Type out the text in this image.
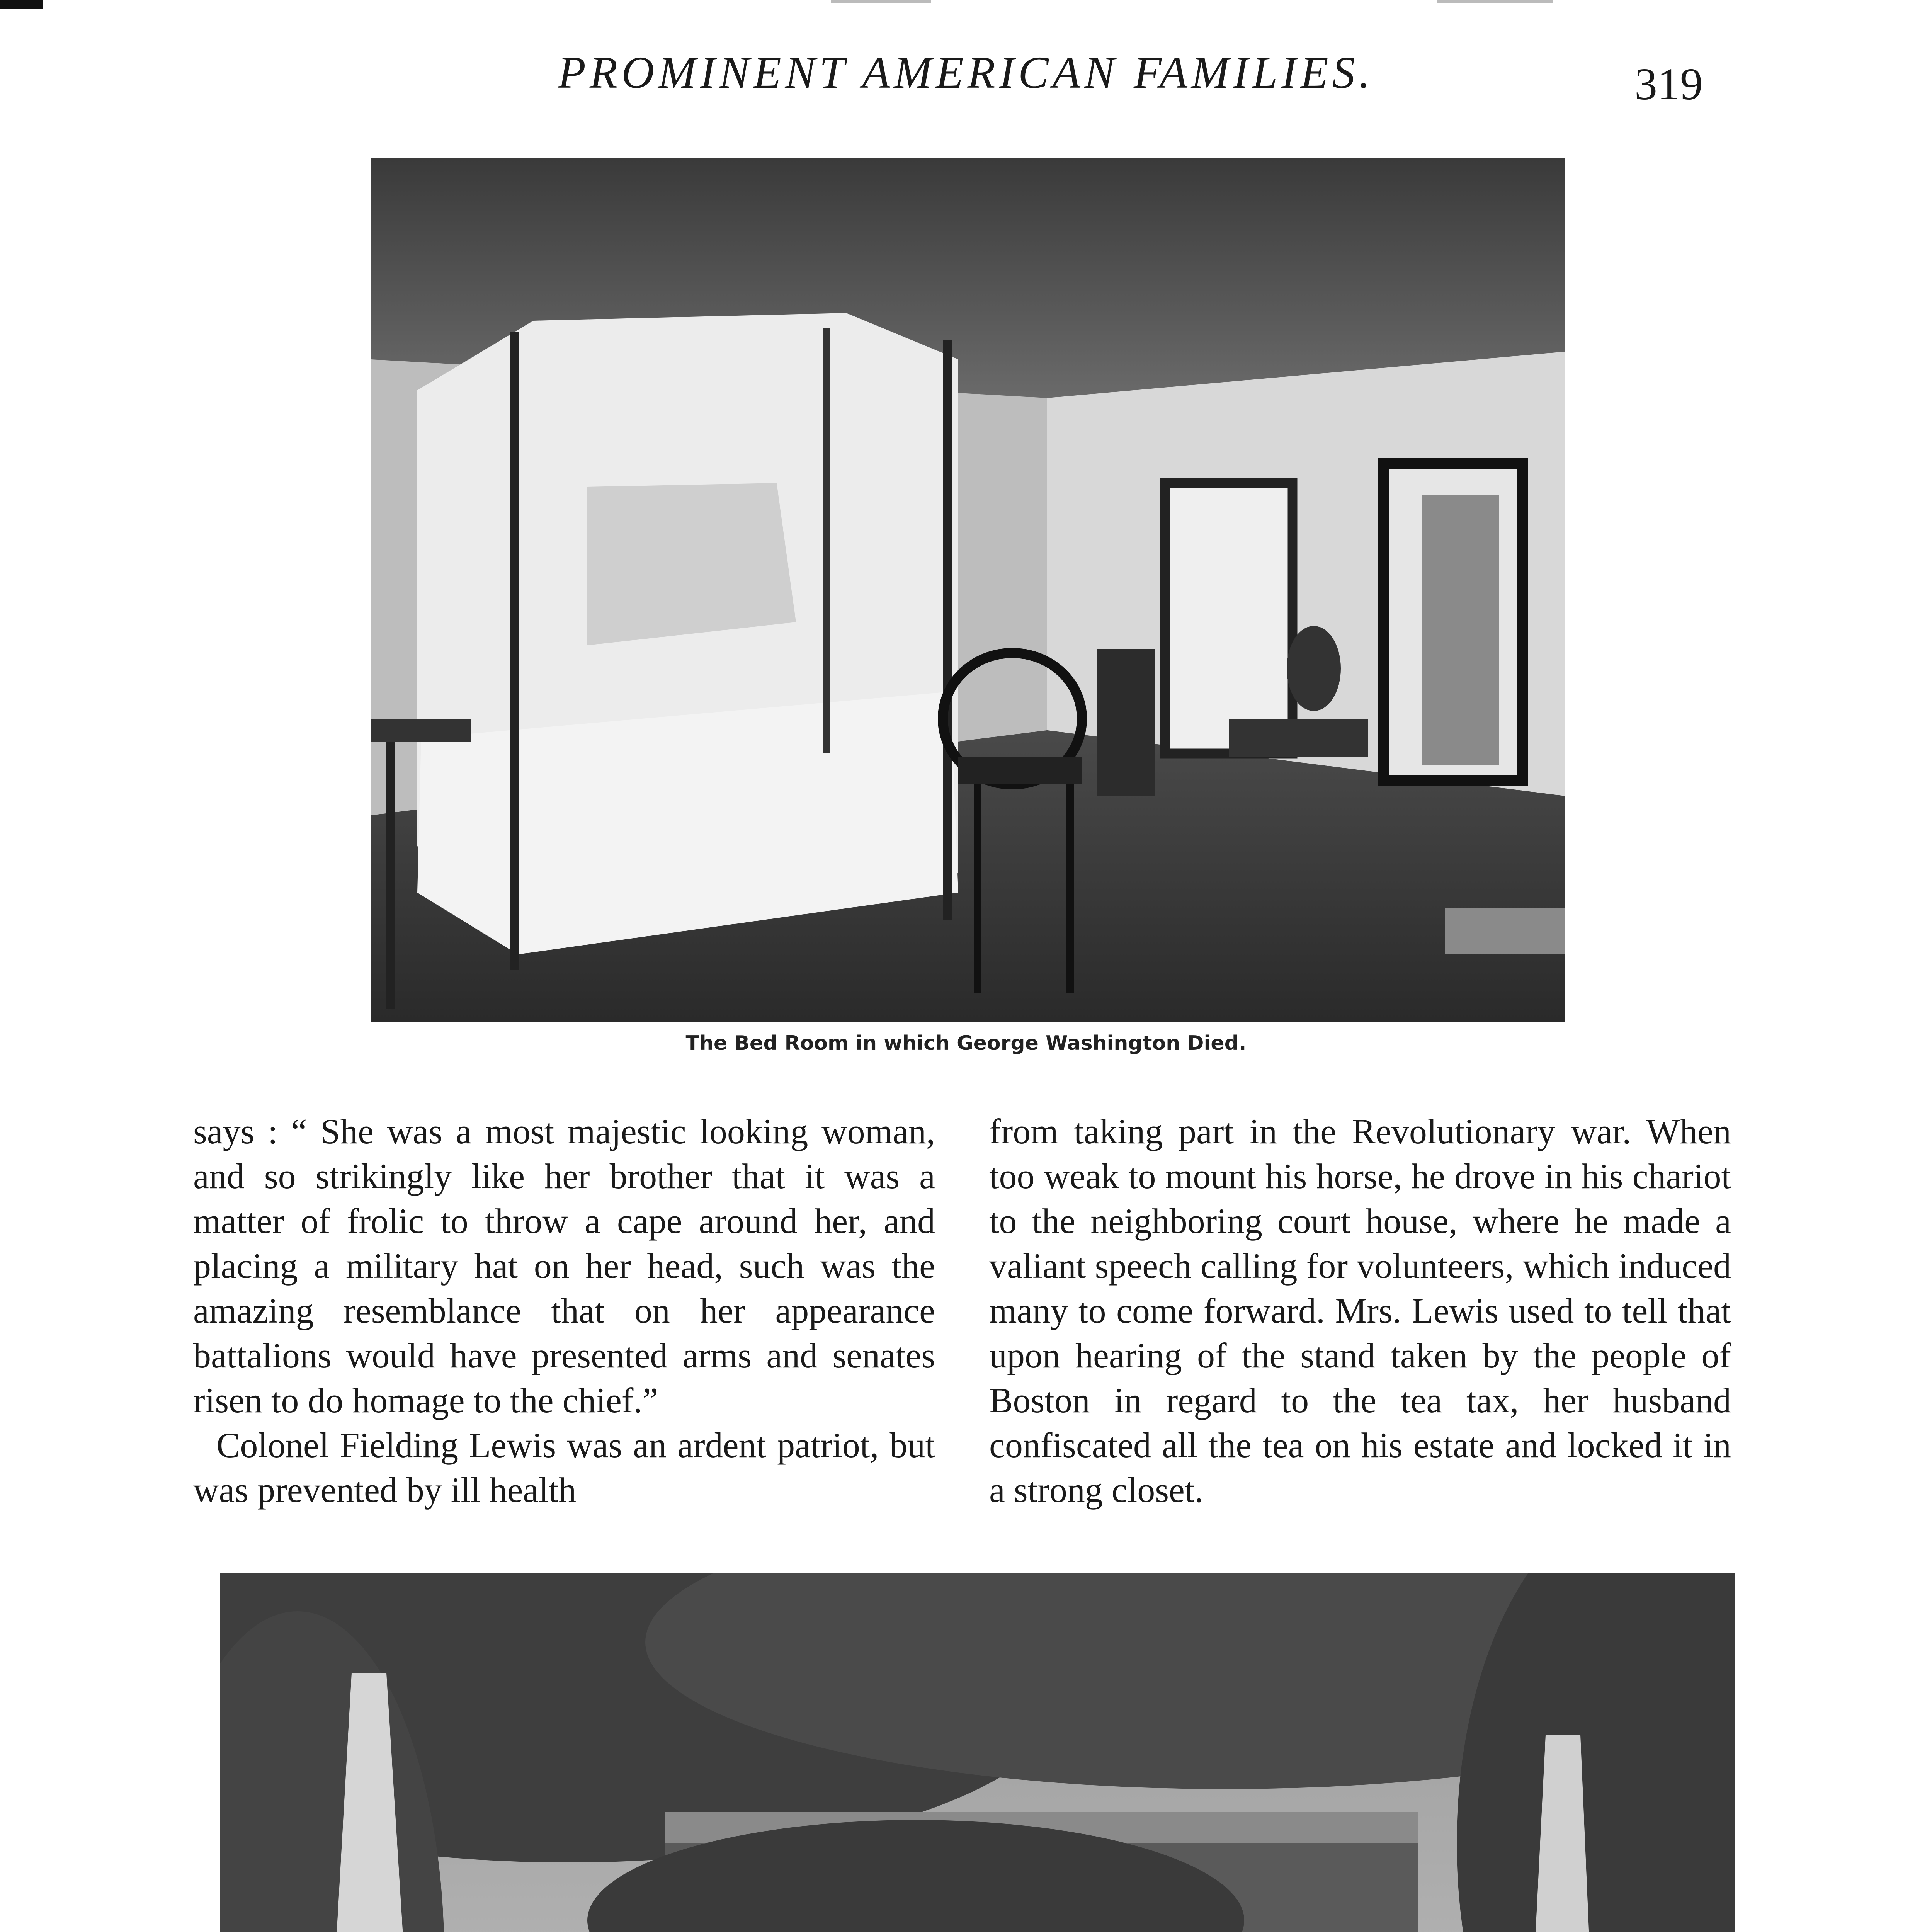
PROMINENT AMERICAN FAMILIES.	319
The Bed Room in which George Washington Died.

says : “ She was a most majestic looking woman, and so strikingly like her brother that it was a matter of frolic to throw a cape around her, and placing a military hat on her head, such was the amazing resemblance that on her appearance battalions would have presented arms and senates risen to do homage to the chief.”

Colonel Fielding Lewis was an ardent patriot, but was prevented by ill health

from taking part in the Revolutionary war. When too weak to mount his horse, he drove in his chariot to the neighboring court house, where he made a valiant speech calling for volunteers, which induced many to come forward. Mrs. Lewis used to tell that upon hearing of the stand taken by the people of Boston in regard to the tea tax, her husband confiscated all the tea on his estate and locked it in a strong closet.
